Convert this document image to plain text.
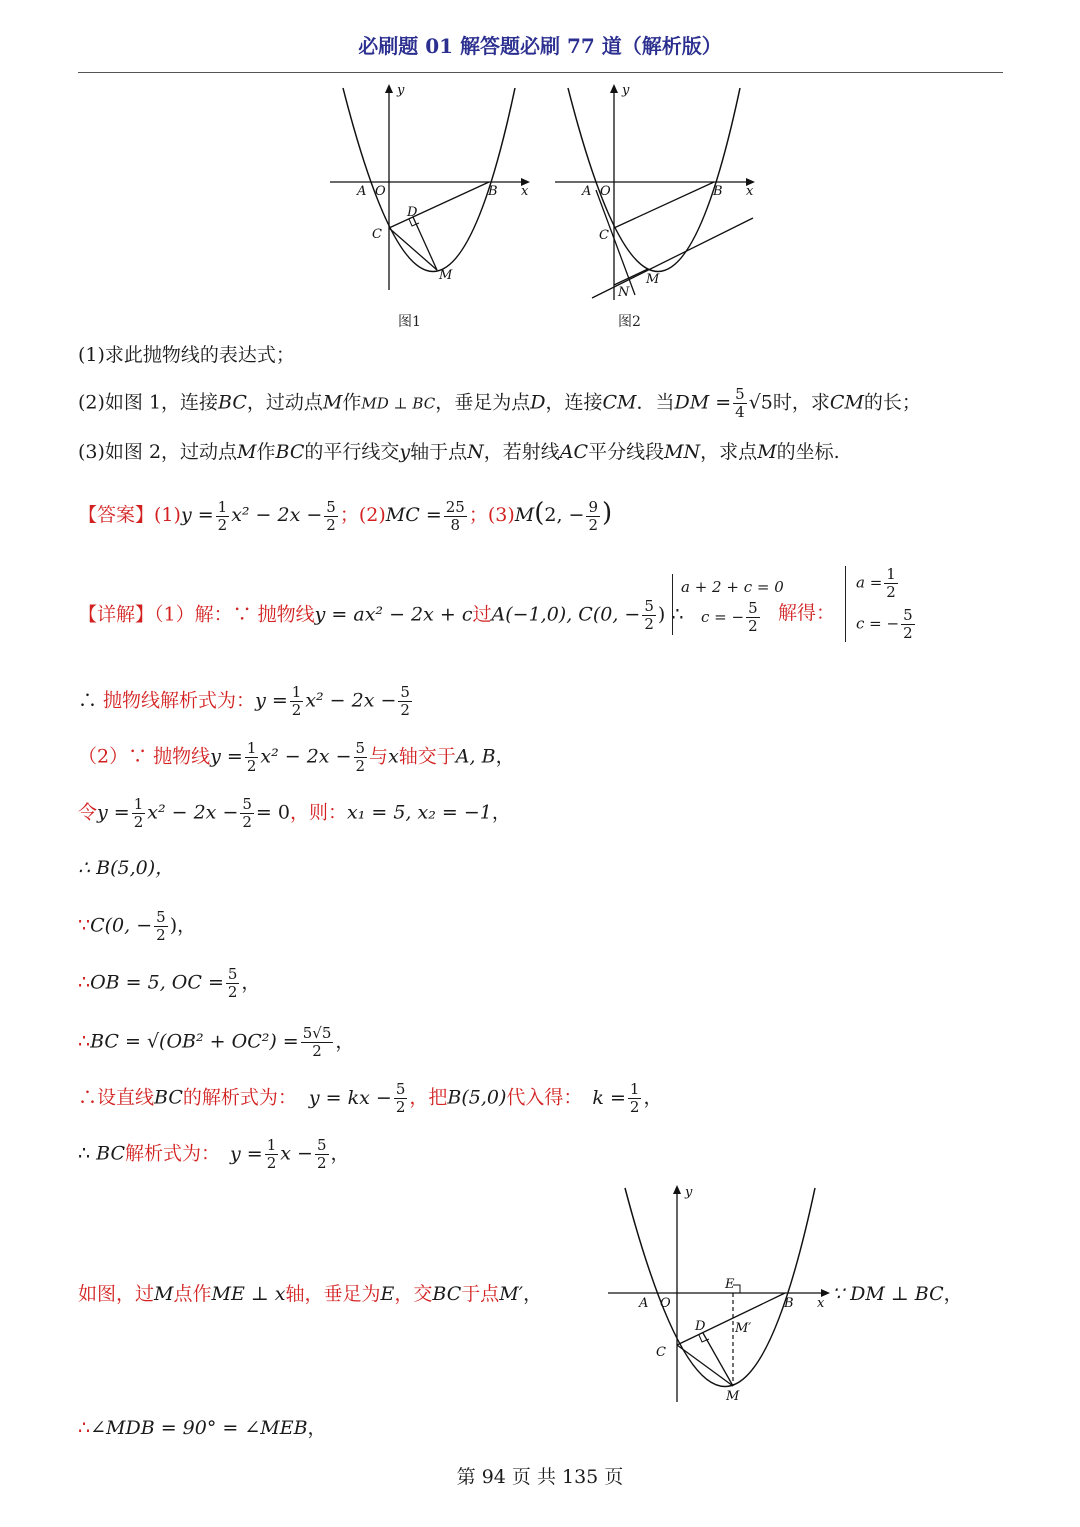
必刷题 01 解答题必刷 77 道（解析版）
y
x
A O	B
C
D
M
图1
y
x
A O	B
C
M
N
图2
(1)求此抛物线的表达式；
(2)如图 1，连接BC，过动点M作MD ⊥ BC，垂足为点D，连接CM．当DM = $\frac{5}{4} √5$时，求CM的长；
(3)如图 2，过动点M作BC的平行线交y轴于点N，若射线AC平分线段MN，求点M的坐标.
【答案】$(1)y = \frac{1}{2} x^2 - 2x - \frac{5}{2}$ ；$(2)MC = \frac{25}{8}$ ；(3)M(2, − $\frac{9}{2}$ )
【详解】（1）解：∵ 抛物线y = ax² − 2x + c过A(−1,0), C(0, − $\frac{5}{2}$ ) ∴
a + 2 + c = 0
c = − $\frac{5}{2}$ 解得：
$a = \frac{1}{2}$
c = − $\frac{5}{2}$
∴ 抛物线解析式为：$y = \frac{1}{2} x^2 - 2x - \frac{5}{2}$
（2）∵ 抛物线$y = \frac{1}{2} x^2 - 2x - \frac{5}{2}$ 与x轴交于A, B，
令$y = \frac{1}{2} x^2 - 2x - \frac{5}{2} = 0$，则：x₁ = 5, x₂ = −1，
∴ B(5,0)，
∵C(0, − $\frac{5}{2}$ )，
∴OB = 5, OC = $\frac{5}{2}$ ，
∴BC = $√(OB^2 + OC^2) = \frac{5√5}{2}$ ，
∴设直线BC的解析式为： y = kx − $\frac{5}{2}$ ，把B(5,0)代入得： $k = \frac{1}{2}$ ，
∴ BC解析式为： $y = \frac{1}{2}$ $x - \frac{5}{2}$ ，
y
x
A O	B
E
M′
D
C
M
如图，过M点作ME ⊥ x轴，垂足为E，交BC于点M′，	∵ DM ⊥ BC，
∴∠MDB = 90° = ∠MEB，
第 94 页 共 135 页
